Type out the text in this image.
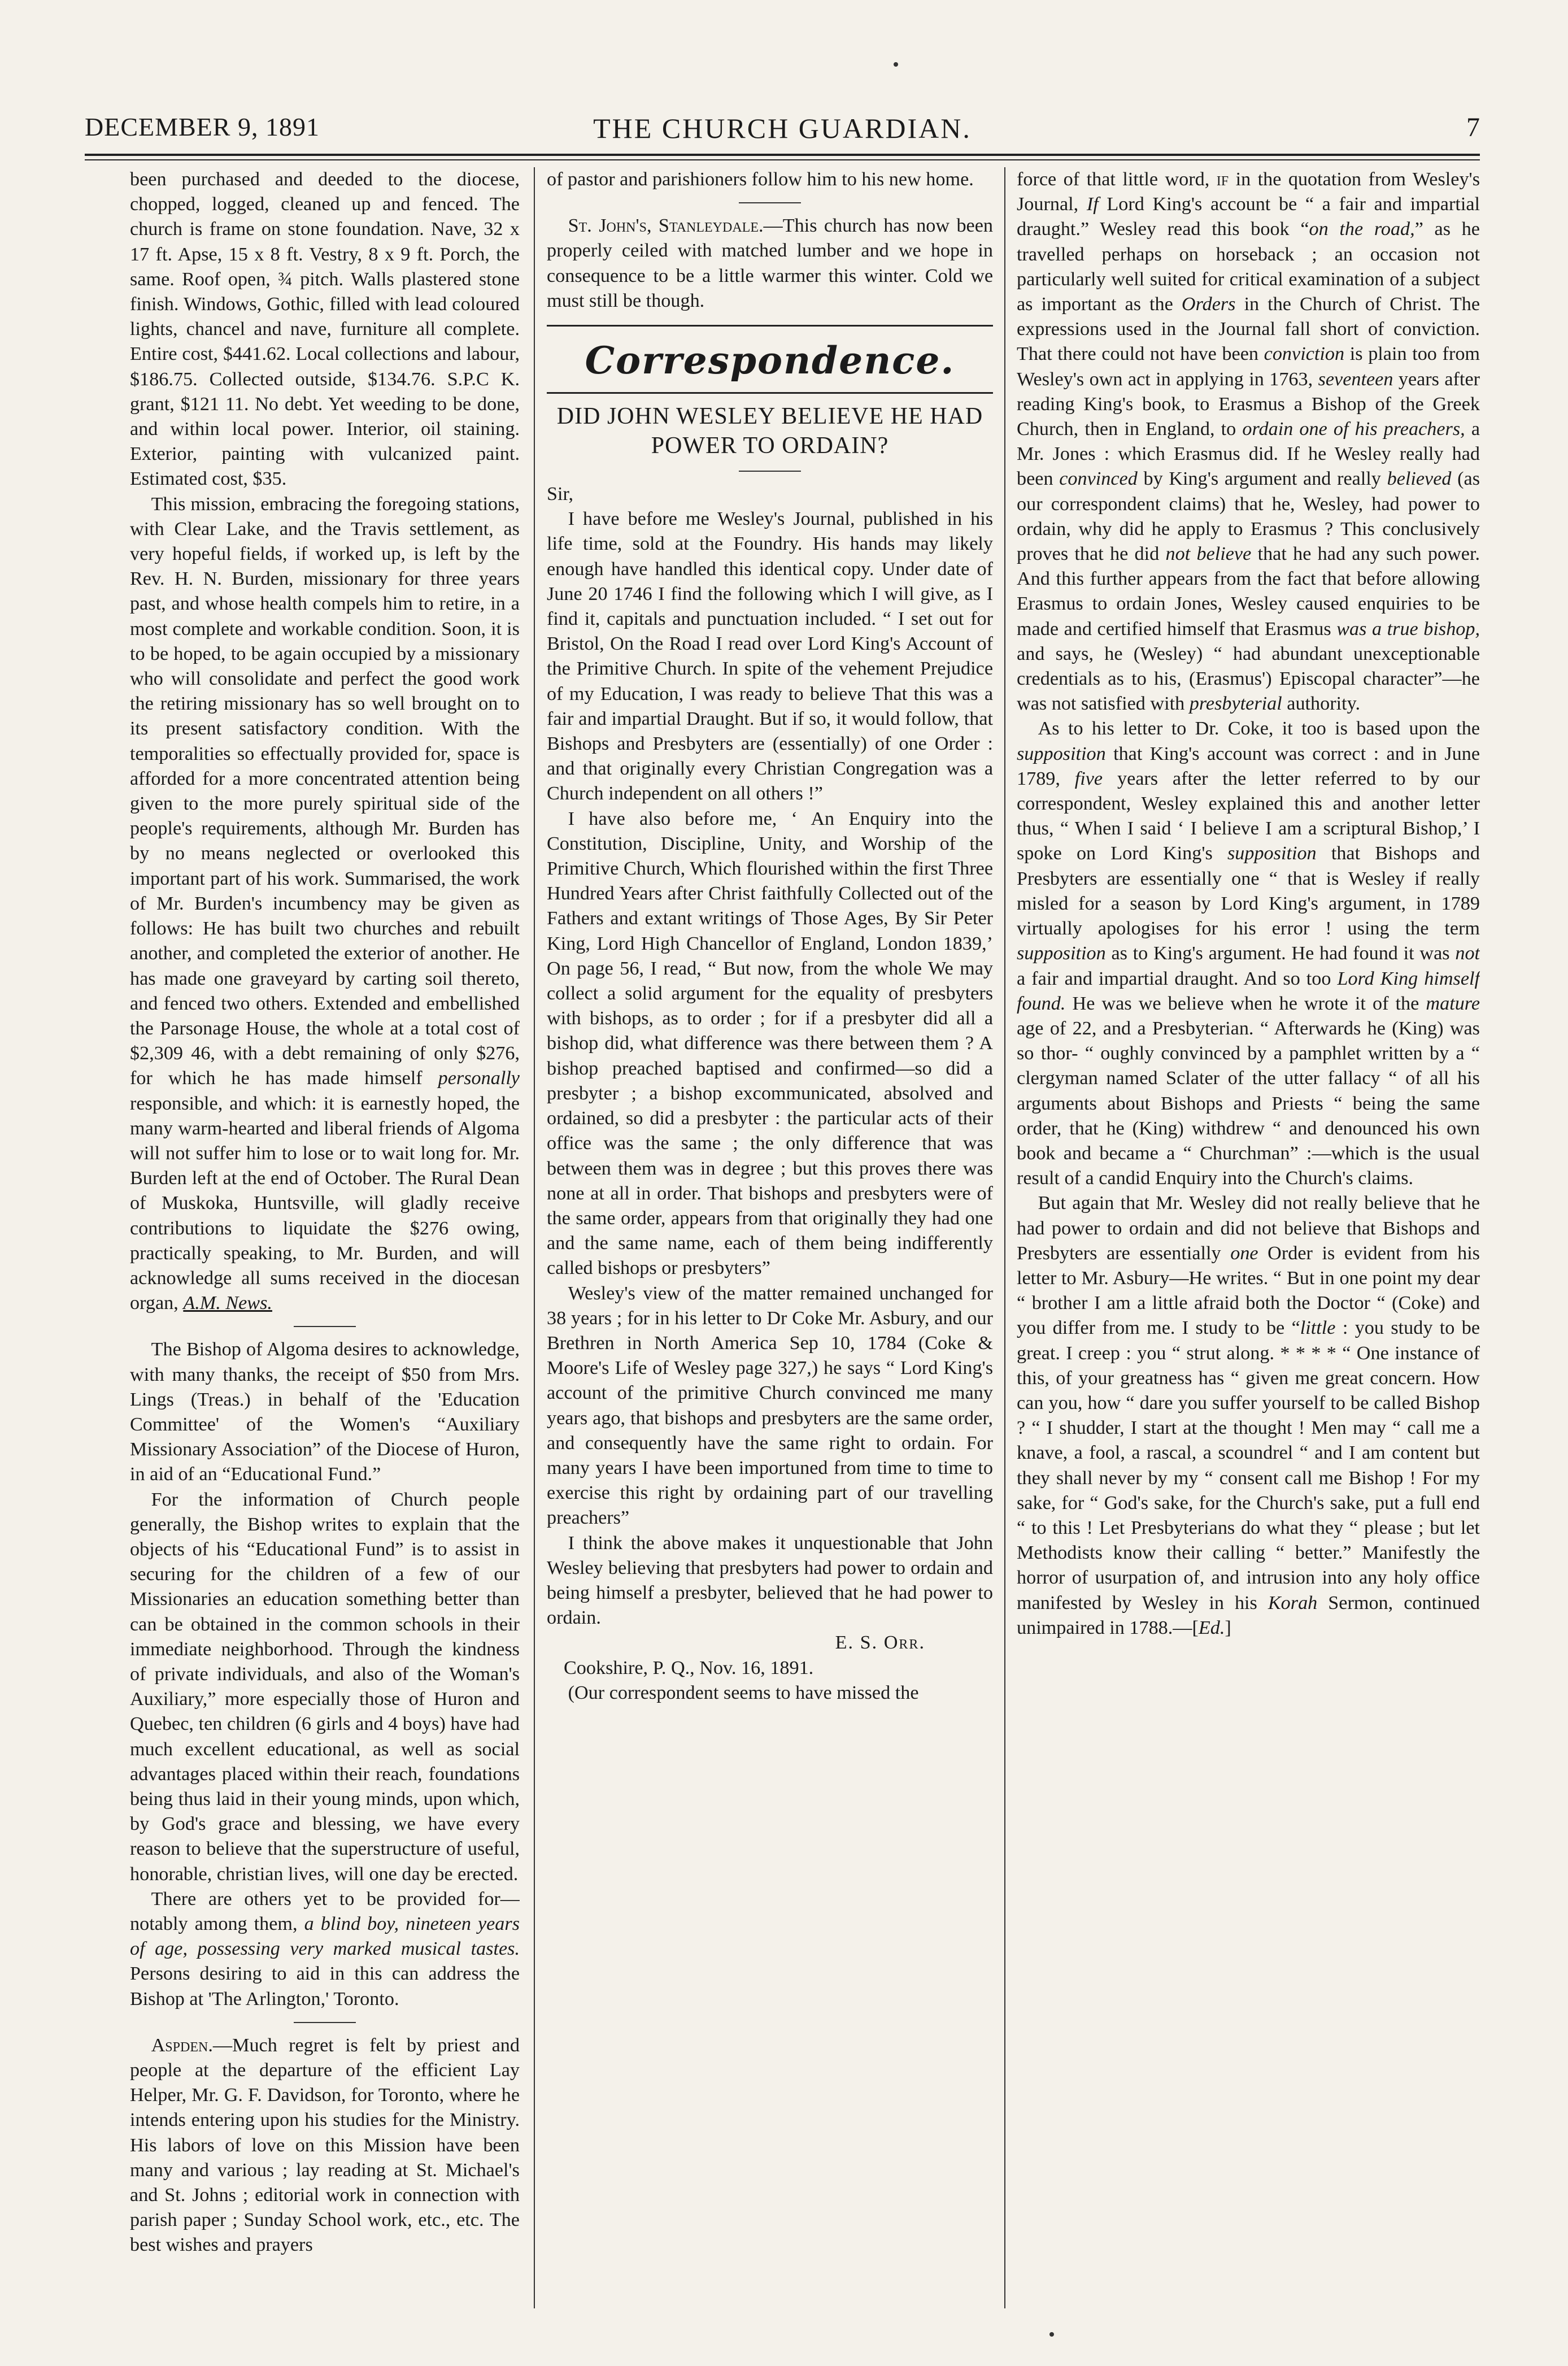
DECEMBER 9, 1891	THE CHURCH GUARDIAN.	7

been purchased and deeded to the diocese, chopped, logged, cleaned up and fenced. The church is frame on stone foundation. Nave, 32 x 17 ft. Apse, 15 x 8 ft. Vestry, 8 x 9 ft. Porch, the same. Roof open, ¾ pitch. Walls plastered stone finish. Windows, Gothic, filled with lead coloured lights, chancel and nave, furniture all complete. Entire cost, $441.62. Local collections and labour, $186.75. Collected outside, $134.76. S.P.C K. grant, $121 11. No debt. Yet weeding to be done, and within local power. Interior, oil staining. Exterior, painting with vulcanized paint. Estimated cost, $35.

This mission, embracing the foregoing stations, with Clear Lake, and the Travis settlement, as very hopeful fields, if worked up, is left by the Rev. H. N. Burden, missionary for three years past, and whose health compels him to retire, in a most complete and workable condition. Soon, it is to be hoped, to be again occupied by a missionary who will consolidate and perfect the good work the retiring missionary has so well brought on to its present satisfactory condition. With the temporalities so effectually provided for, space is afforded for a more concentrated attention being given to the more purely spiritual side of the people's requirements, although Mr. Burden has by no means neglected or overlooked this important part of his work. Summarised, the work of Mr. Burden's incumbency may be given as follows: He has built two churches and rebuilt another, and completed the exterior of another. He has made one graveyard by carting soil thereto, and fenced two others. Extended and embellished the Parsonage House, the whole at a total cost of $2,309 46, with a debt remaining of only $276, for which he has made himself personally responsible, and which: it is earnestly hoped, the many warm-hearted and liberal friends of Algoma will not suffer him to lose or to wait long for. Mr. Burden left at the end of October. The Rural Dean of Muskoka, Huntsville, will gladly receive contributions to liquidate the $276 owing, practically speaking, to Mr. Burden, and will acknowledge all sums received in the diocesan organ, A.M. News.

The Bishop of Algoma desires to acknowledge, with many thanks, the receipt of $50 from Mrs. Lings (Treas.) in behalf of the 'Education Committee' of the Women's “Auxiliary Missionary Association” of the Diocese of Huron, in aid of an “Educational Fund.”

For the information of Church people generally, the Bishop writes to explain that the objects of his “Educational Fund” is to assist in securing for the children of a few of our Missionaries an education something better than can be obtained in the common schools in their immediate neighborhood. Through the kindness of private individuals, and also of the Woman's Auxiliary,” more especially those of Huron and Quebec, ten children (6 girls and 4 boys) have had much excellent educational, as well as social advantages placed within their reach, foundations being thus laid in their young minds, upon which, by God's grace and blessing, we have every reason to believe that the superstructure of useful, honorable, christian lives, will one day be erected.

There are others yet to be provided for—notably among them, a blind boy, nineteen years of age, possessing very marked musical tastes. Persons desiring to aid in this can address the Bishop at 'The Arlington,' Toronto.

Aspden.—Much regret is felt by priest and people at the departure of the efficient Lay Helper, Mr. G. F. Davidson, for Toronto, where he intends entering upon his studies for the Ministry. His labors of love on this Mission have been many and various ; lay reading at St. Michael's and St. Johns ; editorial work in connection with parish paper ; Sunday School work, etc., etc. The best wishes and prayers

of pastor and parishioners follow him to his new home.

St. John's, Stanleydale.—This church has now been properly ceiled with matched lumber and we hope in consequence to be a little warmer this winter. Cold we must still be though.

Correspondence.
DID JOHN WESLEY BELIEVE HE HAD POWER TO ORDAIN?

Sir,

I have before me Wesley's Journal, published in his life time, sold at the Foundry. His hands may likely enough have handled this identical copy. Under date of June 20 1746 I find the following which I will give, as I find it, capitals and punctuation included. “ I set out for Bristol, On the Road I read over Lord King's Account of the Primitive Church. In spite of the vehement Prejudice of my Education, I was ready to believe That this was a fair and impartial Draught. But if so, it would follow, that Bishops and Presbyters are (essentially) of one Order : and that originally every Christian Congregation was a Church independent on all others !”

I have also before me, ‘ An Enquiry into the Constitution, Discipline, Unity, and Worship of the Primitive Church, Which flourished within the first Three Hundred Years after Christ faithfully Collected out of the Fathers and extant writings of Those Ages, By Sir Peter King, Lord High Chancellor of England, London 1839,’ On page 56, I read, “ But now, from the whole We may collect a solid argument for the equality of presbyters with bishops, as to order ; for if a presbyter did all a bishop did, what difference was there between them ? A bishop preached baptised and confirmed—so did a presbyter ; a bishop excommunicated, absolved and ordained, so did a presbyter : the particular acts of their office was the same ; the only difference that was between them was in degree ; but this proves there was none at all in order. That bishops and presbyters were of the same order, appears from that originally they had one and the same name, each of them being indifferently called bishops or presbyters”

Wesley's view of the matter remained unchanged for 38 years ; for in his letter to Dr Coke Mr. Asbury, and our Brethren in North America Sep 10, 1784 (Coke & Moore's Life of Wesley page 327,) he says “ Lord King's account of the primitive Church convinced me many years ago, that bishops and presbyters are the same order, and consequently have the same right to ordain. For many years I have been importuned from time to time to exercise this right by ordaining part of our travelling preachers”

I think the above makes it unquestionable that John Wesley believing that presbyters had power to ordain and being himself a presbyter, believed that he had power to ordain.

E. S. Orr.

Cookshire, P. Q., Nov. 16, 1891.

(Our correspondent seems to have missed the

force of that little word, if in the quotation from Wesley's Journal, If Lord King's account be “ a fair and impartial draught.” Wesley read this book “on the road,” as he travelled perhaps on horseback ; an occasion not particularly well suited for critical examination of a subject as important as the Orders in the Church of Christ. The expressions used in the Journal fall short of conviction. That there could not have been conviction is plain too from Wesley's own act in applying in 1763, seventeen years after reading King's book, to Erasmus a Bishop of the Greek Church, then in England, to ordain one of his preachers, a Mr. Jones : which Erasmus did. If he Wesley really had been convinced by King's argument and really believed (as our correspondent claims) that he, Wesley, had power to ordain, why did he apply to Erasmus ? This conclusively proves that he did not believe that he had any such power. And this further appears from the fact that before allowing Erasmus to ordain Jones, Wesley caused enquiries to be made and certified himself that Erasmus was a true bishop, and says, he (Wesley) “ had abundant unexceptionable credentials as to his, (Erasmus') Episcopal character”—he was not satisfied with presbyterial authority.

As to his letter to Dr. Coke, it too is based upon the supposition that King's account was correct : and in June 1789, five years after the letter referred to by our correspondent, Wesley explained this and another letter thus, “ When I said ‘ I believe I am a scriptural Bishop,’ I spoke on Lord King's supposition that Bishops and Presbyters are essentially one “ that is Wesley if really misled for a season by Lord King's argument, in 1789 virtually apologises for his error ! using the term supposition as to King's argument. He had found it was not a fair and impartial draught. And so too Lord King himself found. He was we believe when he wrote it of the mature age of 22, and a Presbyterian. “ Afterwards he (King) was so thor- “ oughly convinced by a pamphlet written by a “ clergyman named Sclater of the utter fallacy “ of all his arguments about Bishops and Priests “ being the same order, that he (King) withdrew “ and denounced his own book and became a “ Churchman” :—which is the usual result of a candid Enquiry into the Church's claims.

But again that Mr. Wesley did not really believe that he had power to ordain and did not believe that Bishops and Presbyters are essentially one Order is evident from his letter to Mr. Asbury—He writes. “ But in one point my dear “ brother I am a little afraid both the Doctor “ (Coke) and you differ from me. I study to be “little : you study to be great. I creep : you “ strut along. * * * * “ One instance of this, of your greatness has “ given me great concern. How can you, how “ dare you suffer yourself to be called Bishop ? “ I shudder, I start at the thought ! Men may “ call me a knave, a fool, a rascal, a scoundrel “ and I am content but they shall never by my “ consent call me Bishop ! For my sake, for “ God's sake, for the Church's sake, put a full end “ to this ! Let Presbyterians do what they “ please ; but let Methodists know their calling “ better.” Manifestly the horror of usurpation of, and intrusion into any holy office manifested by Wesley in his Korah Sermon, continued unimpaired in 1788.—[Ed.]
